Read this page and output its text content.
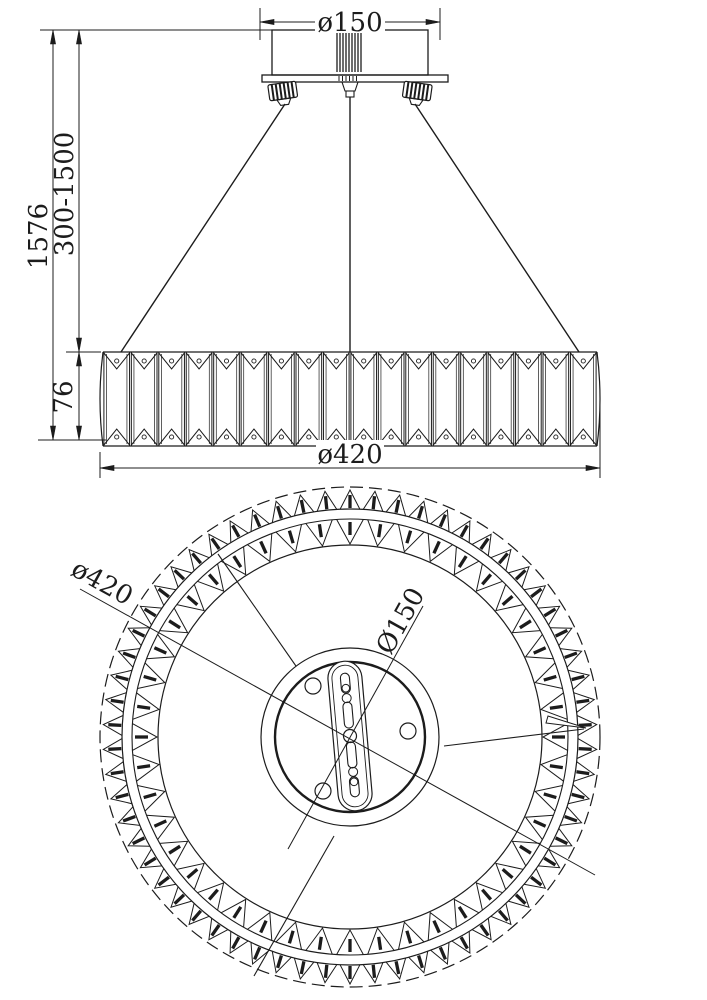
ø150
1576
300-1500
76
ø420
ø420	Ø150
